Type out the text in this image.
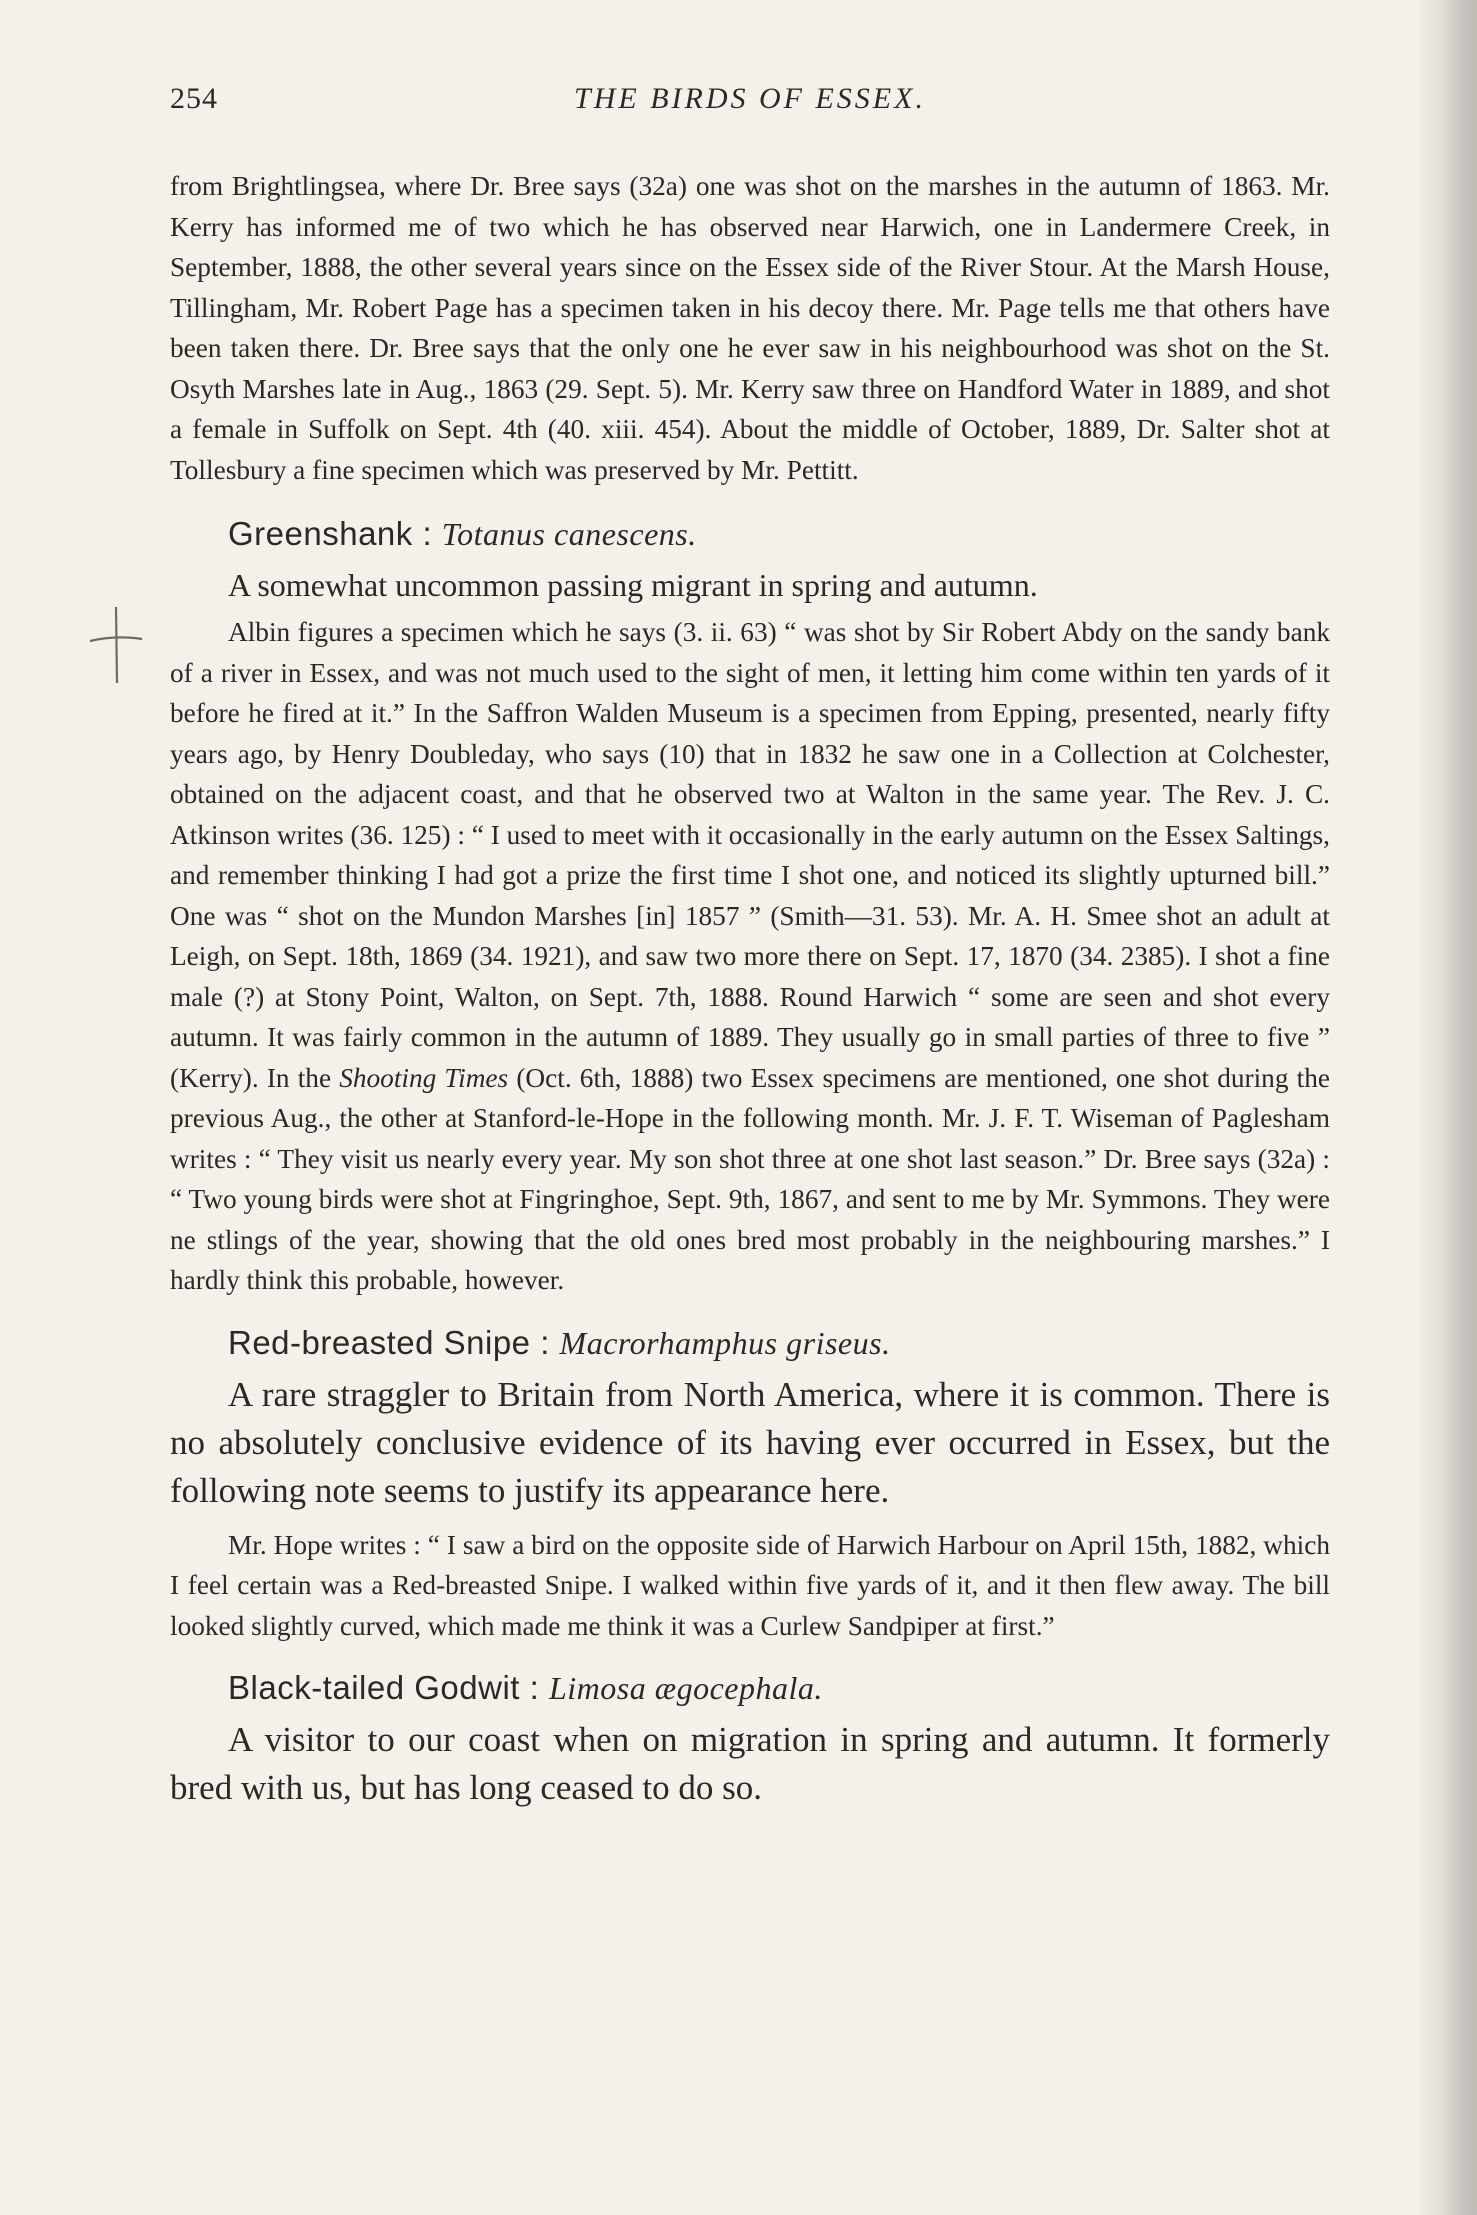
254	THE BIRDS OF ESSEX.

from Brightlingsea, where Dr. Bree says (32a) one was shot on the marshes in the autumn of 1863. Mr. Kerry has informed me of two which he has observed near Harwich, one in Landermere Creek, in September, 1888, the other several years since on the Essex side of the River Stour. At the Marsh House, Tillingham, Mr. Robert Page has a specimen taken in his decoy there. Mr. Page tells me that others have been taken there. Dr. Bree says that the only one he ever saw in his neighbourhood was shot on the St. Osyth Marshes late in Aug., 1863 (29. Sept. 5). Mr. Kerry saw three on Handford Water in 1889, and shot a female in Suffolk on Sept. 4th (40. xiii. 454). About the middle of October, 1889, Dr. Salter shot at Tollesbury a fine specimen which was preserved by Mr. Pettitt.

Greenshank : Totanus canescens.

A somewhat uncommon passing migrant in spring and autumn.

Albin figures a specimen which he says (3. ii. 63) “ was shot by Sir Robert Abdy on the sandy bank of a river in Essex, and was not much used to the sight of men, it letting him come within ten yards of it before he fired at it.” In the Saffron Walden Museum is a specimen from Epping, presented, nearly fifty years ago, by Henry Doubleday, who says (10) that in 1832 he saw one in a Collection at Colchester, obtained on the adjacent coast, and that he observed two at Walton in the same year. The Rev. J. C. Atkinson writes (36. 125) : “ I used to meet with it occasionally in the early autumn on the Essex Saltings, and remember thinking I had got a prize the first time I shot one, and noticed its slightly upturned bill.” One was “ shot on the Mundon Marshes [in] 1857 ” (Smith—31. 53). Mr. A. H. Smee shot an adult at Leigh, on Sept. 18th, 1869 (34. 1921), and saw two more there on Sept. 17, 1870 (34. 2385). I shot a fine male (?) at Stony Point, Walton, on Sept. 7th, 1888. Round Harwich “ some are seen and shot every autumn. It was fairly common in the autumn of 1889. They usually go in small parties of three to five ” (Kerry). In the Shooting Times (Oct. 6th, 1888) two Essex specimens are mentioned, one shot during the previous Aug., the other at Stanford-le-Hope in the following month. Mr. J. F. T. Wiseman of Paglesham writes : “ They visit us nearly every year. My son shot three at one shot last season.” Dr. Bree says (32a) : “ Two young birds were shot at Fingringhoe, Sept. 9th, 1867, and sent to me by Mr. Symmons. They were ne stlings of the year, showing that the old ones bred most probably in the neighbouring marshes.” I hardly think this probable, however.

Red-breasted Snipe : Macrorhamphus griseus.

A rare straggler to Britain from North America, where it is common. There is no absolutely conclusive evidence of its having ever occurred in Essex, but the following note seems to justify its appearance here.

Mr. Hope writes : “ I saw a bird on the opposite side of Harwich Harbour on April 15th, 1882, which I feel certain was a Red-breasted Snipe. I walked within five yards of it, and it then flew away. The bill looked slightly curved, which made me think it was a Curlew Sandpiper at first.”

Black-tailed Godwit : Limosa ægocephala.

A visitor to our coast when on migration in spring and autumn. It formerly bred with us, but has long ceased to do so.
